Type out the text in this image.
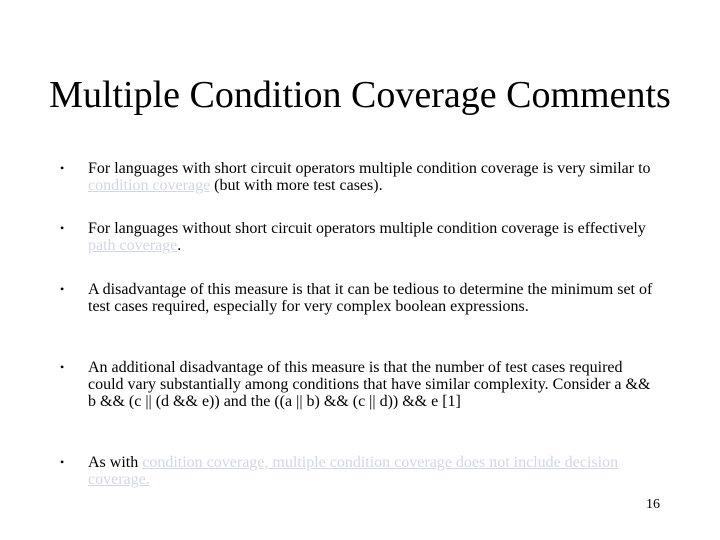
Multiple Condition Coverage Comments
•	For languages with short circuit operators multiple condition coverage is very similar to condition coverage (but with more test cases).
•	For languages without short circuit operators multiple condition coverage is effectively path coverage.
•	A disadvantage of this measure is that it can be tedious to determine the minimum set of test cases required, especially for very complex boolean expressions.
•	An additional disadvantage of this measure is that the number of test cases required could vary substantially among conditions that have similar complexity. Consider a && b && (c || (d && e)) and the ((a || b) && (c || d)) && e [1]
•	As with condition coverage, multiple condition coverage does not include decision coverage.
16
